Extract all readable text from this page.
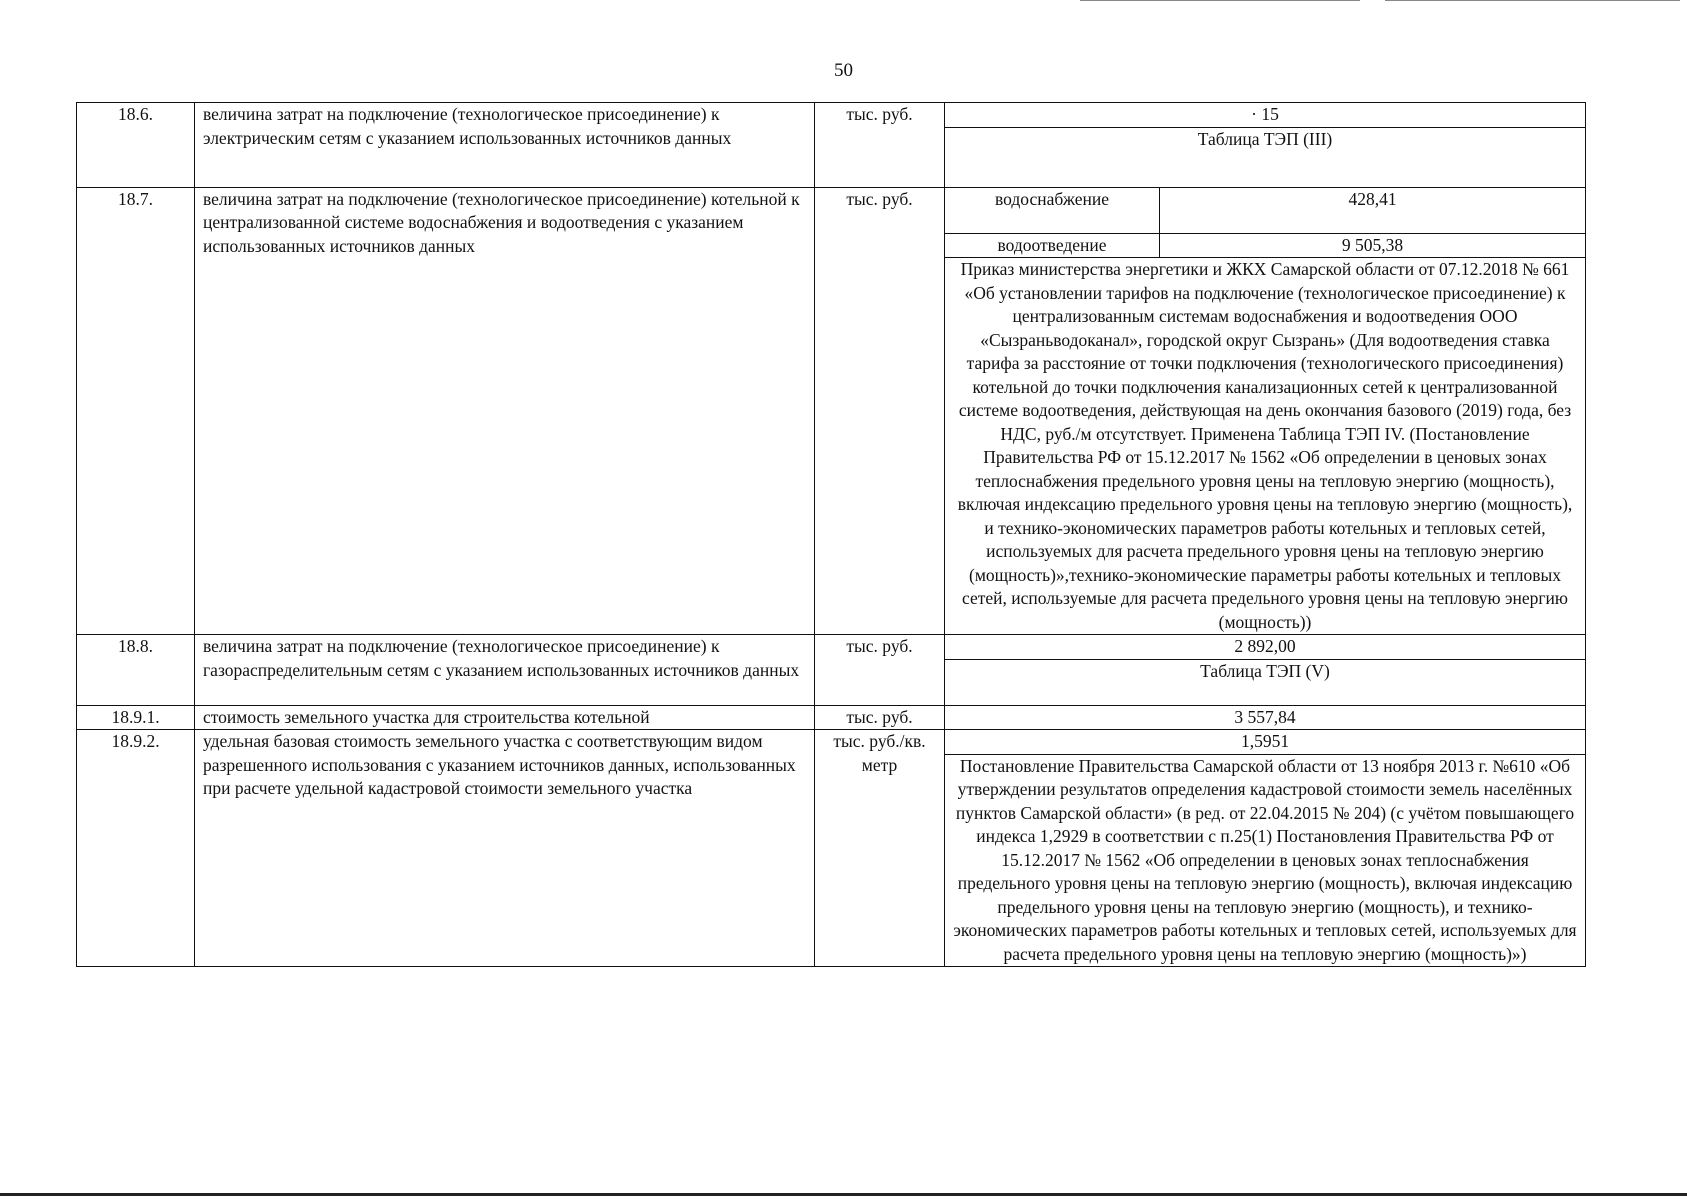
50
18.6.	величина затрат на подключение (технологическое присоединение) к электрическим сетям с указанием использованных источников данных	тыс. руб.	· 15	
			Таблица ТЭП (III)	
18.7.	величина затрат на подключение (технологическое присоединение) котельной к централизованной системе водоснабжения и водоотведения с указанием использованных источников данных	тыс. руб.	водоснабжение	428,41
			водоотведение	9 505,38
			Приказ министерства энергетики и ЖКХ Самарской области от 07.12.2018 № 661 «Об установлении тарифов на подключение (технологическое присоединение) к централизованным системам водоснабжения и водоотведения ООО «Сызраньводоканал», городской округ Сызрань» (Для водоотведения ставка тарифа за расстояние от точки подключения (технологического присоединения) котельной до точки подключения канализационных сетей к централизованной системе водоотведения, действующая на день окончания базового (2019) года, без НДС, руб./м отсутствует. Применена Таблица ТЭП IV. (Постановление Правительства РФ от 15.12.2017 № 1562 «Об определении в ценовых зонах теплоснабжения предельного уровня цены на тепловую энергию (мощность), включая индексацию предельного уровня цены на тепловую энергию (мощность), и технико-экономических параметров работы котельных и тепловых сетей, используемых для расчета предельного уровня цены на тепловую энергию (мощность)»,технико-экономические параметры работы котельных и тепловых сетей, используемые для расчета предельного уровня цены на тепловую энергию (мощность))	
18.8.	величина затрат на подключение (технологическое присоединение) к газораспределительным сетям с указанием использованных источников данных	тыс. руб.	2 892,00	
			Таблица ТЭП (V)	
18.9.1.	стоимость земельного участка для строительства котельной	тыс. руб.	3 557,84	
18.9.2.	удельная базовая стоимость земельного участка с соответствующим видом разрешенного использования с указанием источников данных, использованных при расчете удельной кадастровой стоимости земельного участка	тыс. руб./кв. метр	1,5951	
			Постановление Правительства Самарской области от 13 ноября 2013 г. №610 «Об утверждении результатов определения кадастровой стоимости земель населённых пунктов Самарской области» (в ред. от 22.04.2015 № 204) (с учётом повышающего индекса 1,2929 в соответствии с п.25(1) Постановления Правительства РФ от 15.12.2017 № 1562 «Об определении в ценовых зонах теплоснабжения предельного уровня цены на тепловую энергию (мощность), включая индексацию предельного уровня цены на тепловую энергию (мощность), и технико-экономических параметров работы котельных и тепловых сетей, используемых для расчета предельного уровня цены на тепловую энергию (мощность)»)	
